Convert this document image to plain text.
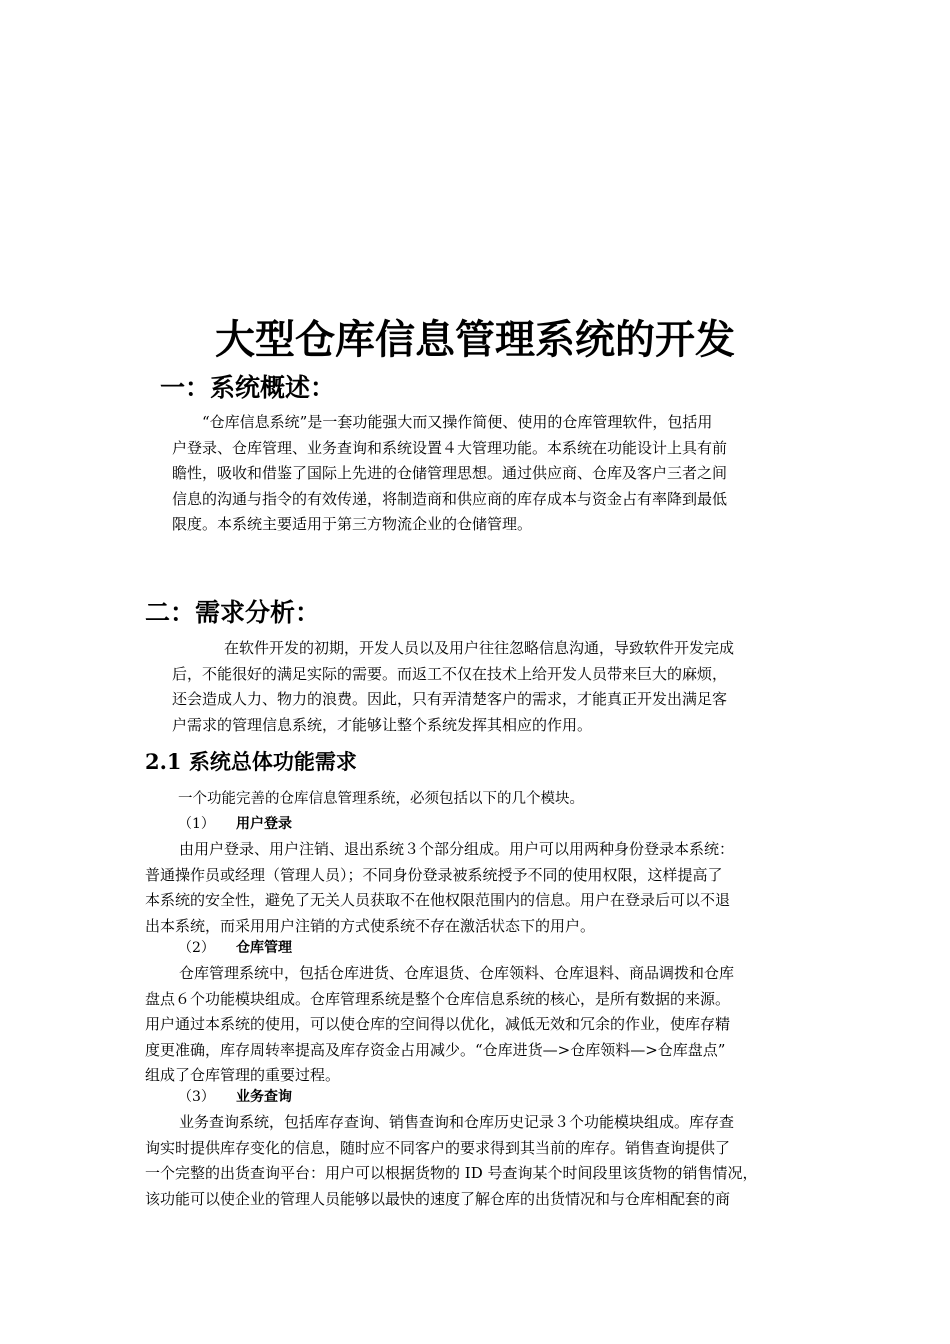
大型仓库信息管理系统的开发
一：系统概述：
“仓库信息系统”是一套功能强大而又操作简便、使用的仓库管理软件，包括用
户登录、仓库管理、业务查询和系统设置４大管理功能。本系统在功能设计上具有前
瞻性，吸收和借鉴了国际上先进的仓储管理思想。通过供应商、仓库及客户三者之间
信息的沟通与指令的有效传递，将制造商和供应商的库存成本与资金占有率降到最低
限度。本系统主要适用于第三方物流企业的仓储管理。
二：需求分析：
在软件开发的初期，开发人员以及用户往往忽略信息沟通，导致软件开发完成
后，不能很好的满足实际的需要。而返工不仅在技术上给开发人员带来巨大的麻烦，
还会造成人力、物力的浪费。因此，只有弄清楚客户的需求，才能真正开发出满足客
户需求的管理信息系统，才能够让整个系统发挥其相应的作用。
2.1 系统总体功能需求
一个功能完善的仓库信息管理系统，必须包括以下的几个模块。
（1） 用户登录
由用户登录、用户注销、退出系统３个部分组成。用户可以用两种身份登录本系统：
普通操作员或经理（管理人员）；不同身份登录被系统授予不同的使用权限，这样提高了
本系统的安全性，避免了无关人员获取不在他权限范围内的信息。用户在登录后可以不退
出本系统，而采用用户注销的方式使系统不存在激活状态下的用户。
（2） 仓库管理
仓库管理系统中，包括仓库进货、仓库退货、仓库领料、仓库退料、商品调拨和仓库
盘点６个功能模块组成。仓库管理系统是整个仓库信息系统的核心，是所有数据的来源。
用户通过本系统的使用，可以使仓库的空间得以优化，减低无效和冗余的作业，使库存精
度更准确，库存周转率提高及库存资金占用减少。“仓库进货—>仓库领料—>仓库盘点”
组成了仓库管理的重要过程。
（3） 业务查询
业务查询系统，包括库存查询、销售查询和仓库历史记录３个功能模块组成。库存查
询实时提供库存变化的信息，随时应不同客户的要求得到其当前的库存。销售查询提供了
一个完整的出货查询平台：用户可以根据货物的 ID 号查询某个时间段里该货物的销售情况，
该功能可以使企业的管理人员能够以最快的速度了解仓库的出货情况和与仓库相配套的商
